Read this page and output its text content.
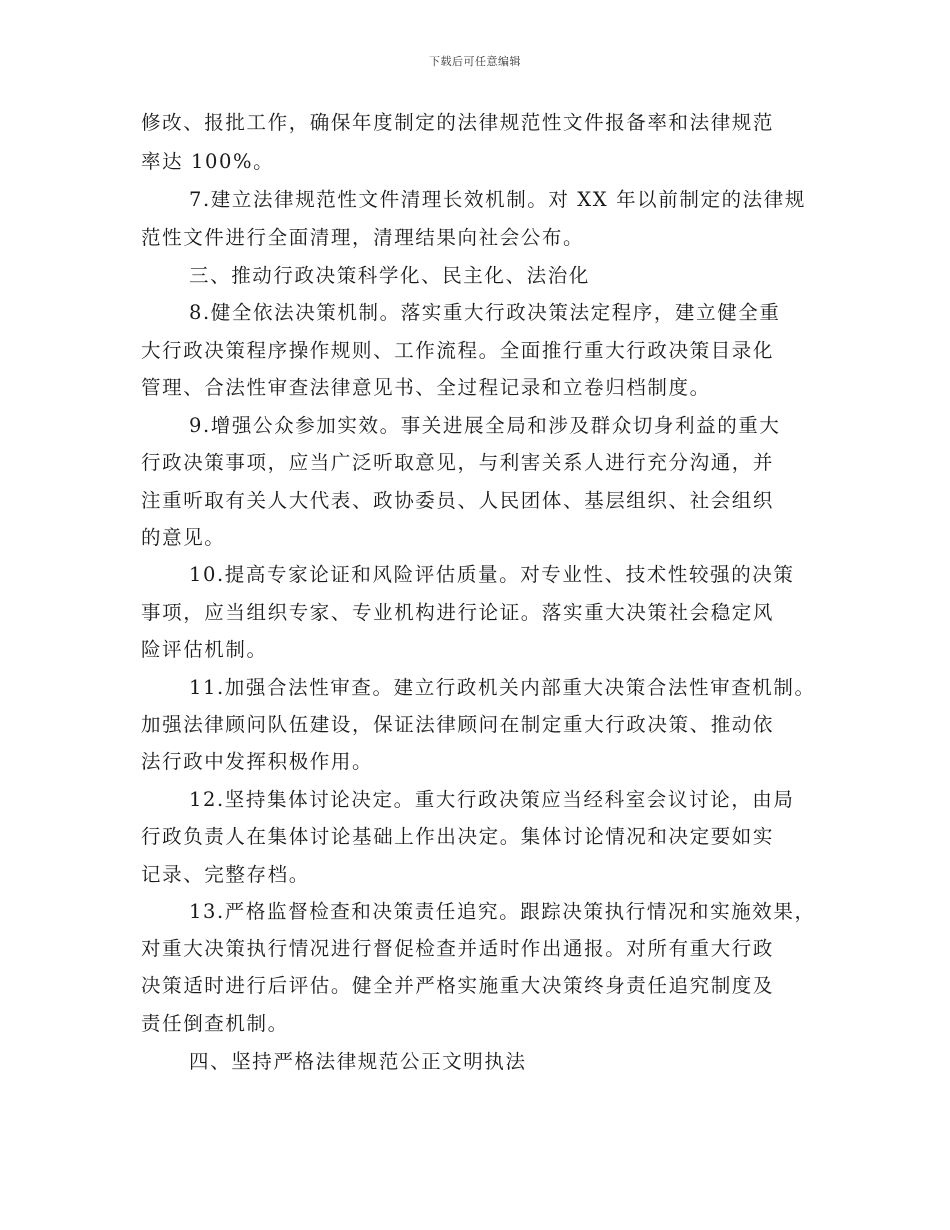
下载后可任意编辑
修改、报批工作，确保年度制定的法律规范性文件报备率和法律规范
率达 100%。
7.建立法律规范性文件清理长效机制。对 XX 年以前制定的法律规
范性文件进行全面清理，清理结果向社会公布。
三、推动行政决策科学化、民主化、法治化
8.健全依法决策机制。落实重大行政决策法定程序，建立健全重
大行政决策程序操作规则、工作流程。全面推行重大行政决策目录化
管理、合法性审查法律意见书、全过程记录和立卷归档制度。
9.增强公众参加实效。事关进展全局和涉及群众切身利益的重大
行政决策事项，应当广泛听取意见，与利害关系人进行充分沟通，并
注重听取有关人大代表、政协委员、人民团体、基层组织、社会组织
的意见。
10.提高专家论证和风险评估质量。对专业性、技术性较强的决策
事项，应当组织专家、专业机构进行论证。落实重大决策社会稳定风
险评估机制。
11.加强合法性审查。建立行政机关内部重大决策合法性审查机制。
加强法律顾问队伍建设，保证法律顾问在制定重大行政决策、推动依
法行政中发挥积极作用。
12.坚持集体讨论决定。重大行政决策应当经科室会议讨论，由局
行政负责人在集体讨论基础上作出决定。集体讨论情况和决定要如实
记录、完整存档。
13.严格监督检查和决策责任追究。跟踪决策执行情况和实施效果，
对重大决策执行情况进行督促检查并适时作出通报。对所有重大行政
决策适时进行后评估。健全并严格实施重大决策终身责任追究制度及
责任倒查机制。
四、坚持严格法律规范公正文明执法
